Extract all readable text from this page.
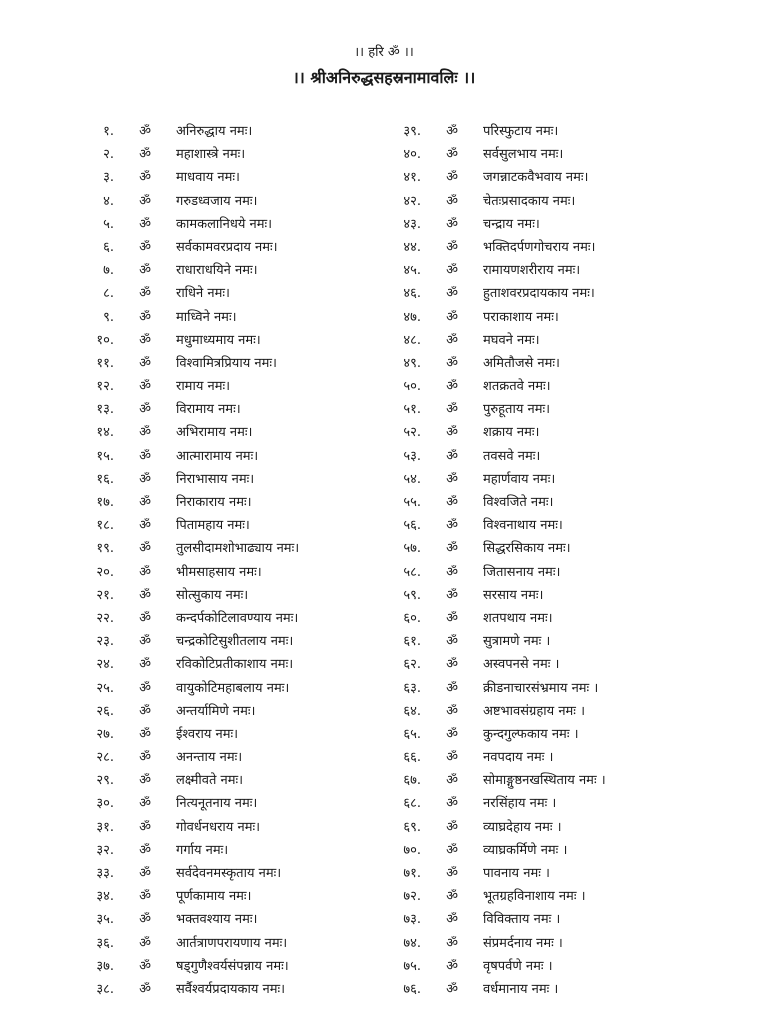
।। हरि ॐ ।।
।। श्रीअनिरुद्धसहस्रनामावलिः ।।
१.	ॐ	अनिरुद्धाय नमः।
२.	ॐ	महाशास्त्रे नमः।
३.	ॐ	माधवाय नमः।
४.	ॐ	गरुडध्वजाय नमः।
५.	ॐ	कामकलानिधये नमः।
६.	ॐ	सर्वकामवरप्रदाय नमः।
७.	ॐ	राधाराधयिने नमः।
८.	ॐ	राधिने नमः।
९.	ॐ	माध्विने नमः।
१०.	ॐ	मधुमाध्यमाय नमः।
११.	ॐ	विश्वामित्रप्रियाय नमः।
१२.	ॐ	रामाय नमः।
१३.	ॐ	विरामाय नमः।
१४.	ॐ	अभिरामाय नमः।
१५.	ॐ	आत्मारामाय नमः।
१६.	ॐ	निराभासाय नमः।
१७.	ॐ	निराकाराय नमः।
१८.	ॐ	पितामहाय नमः।
१९.	ॐ	तुलसीदामशोभाढ्याय नमः।
२०.	ॐ	भीमसाहसाय नमः।
२१.	ॐ	सोत्सुकाय नमः।
२२.	ॐ	कन्दर्पकोटिलावण्याय नमः।
२३.	ॐ	चन्द्रकोटिसुशीतलाय नमः।
२४.	ॐ	रविकोटिप्रतीकाशाय नमः।
२५.	ॐ	वायुकोटिमहाबलाय नमः।
२६.	ॐ	अन्तर्यामिणे नमः।
२७.	ॐ	ईश्वराय नमः।
२८.	ॐ	अनन्ताय नमः।
२९.	ॐ	लक्ष्मीवते नमः।
३०.	ॐ	नित्यनूतनाय नमः।
३१.	ॐ	गोवर्धनधराय नमः।
३२.	ॐ	गर्गाय नमः।
३३.	ॐ	सर्वदेवनमस्कृताय नमः।
३४.	ॐ	पूर्णकामाय नमः।
३५.	ॐ	भक्तवश्याय नमः।
३६.	ॐ	आर्तत्राणपरायणाय नमः।
३७.	ॐ	षड्गुणैश्वर्यसंपन्नाय नमः।
३८.	ॐ	सर्वैश्वर्यप्रदायकाय नमः।
३९.	ॐ	परिस्फुटाय नमः।
४०.	ॐ	सर्वसुलभाय नमः।
४१.	ॐ	जगन्नाटकवैभवाय नमः।
४२.	ॐ	चेतःप्रसादकाय नमः।
४३.	ॐ	चन्द्राय नमः।
४४.	ॐ	भक्तिदर्पणगोचराय नमः।
४५.	ॐ	रामायणशरीराय नमः।
४६.	ॐ	हुताशवरप्रदायकाय नमः।
४७.	ॐ	पराकाशाय नमः।
४८.	ॐ	मघवने नमः।
४९.	ॐ	अमितौजसे नमः।
५०.	ॐ	शतक्रतवे नमः।
५१.	ॐ	पुरुहूताय नमः।
५२.	ॐ	शक्राय नमः।
५३.	ॐ	तवसवे नमः।
५४.	ॐ	महार्णवाय नमः।
५५.	ॐ	विश्वजिते नमः।
५६.	ॐ	विश्वनाथाय नमः।
५७.	ॐ	सिद्धरसिकाय नमः।
५८.	ॐ	जितासनाय नमः।
५९.	ॐ	सरसाय नमः।
६०.	ॐ	शतपथाय नमः।
६१.	ॐ	सुत्रामणे नमः ।
६२.	ॐ	अस्वपनसे नमः ।
६३.	ॐ	क्रीडनाचारसंभ्रमाय नमः ।
६४.	ॐ	अष्टभावसंग्रहाय नमः ।
६५.	ॐ	कुन्दगुल्फकाय नमः ।
६६.	ॐ	नवपदाय नमः ।
६७.	ॐ	सोमाङ्गुष्ठनखस्थिताय नमः ।
६८.	ॐ	नरसिंहाय नमः ।
६९.	ॐ	व्याघ्रदेहाय नमः ।
७०.	ॐ	व्याघ्रकर्मिणे नमः ।
७१.	ॐ	पावनाय नमः ।
७२.	ॐ	भूतग्रहविनाशाय नमः ।
७३.	ॐ	विविक्ताय नमः ।
७४.	ॐ	संप्रमर्दनाय नमः ।
७५.	ॐ	वृषपर्वणे नमः ।
७६.	ॐ	वर्धमानाय नमः ।
